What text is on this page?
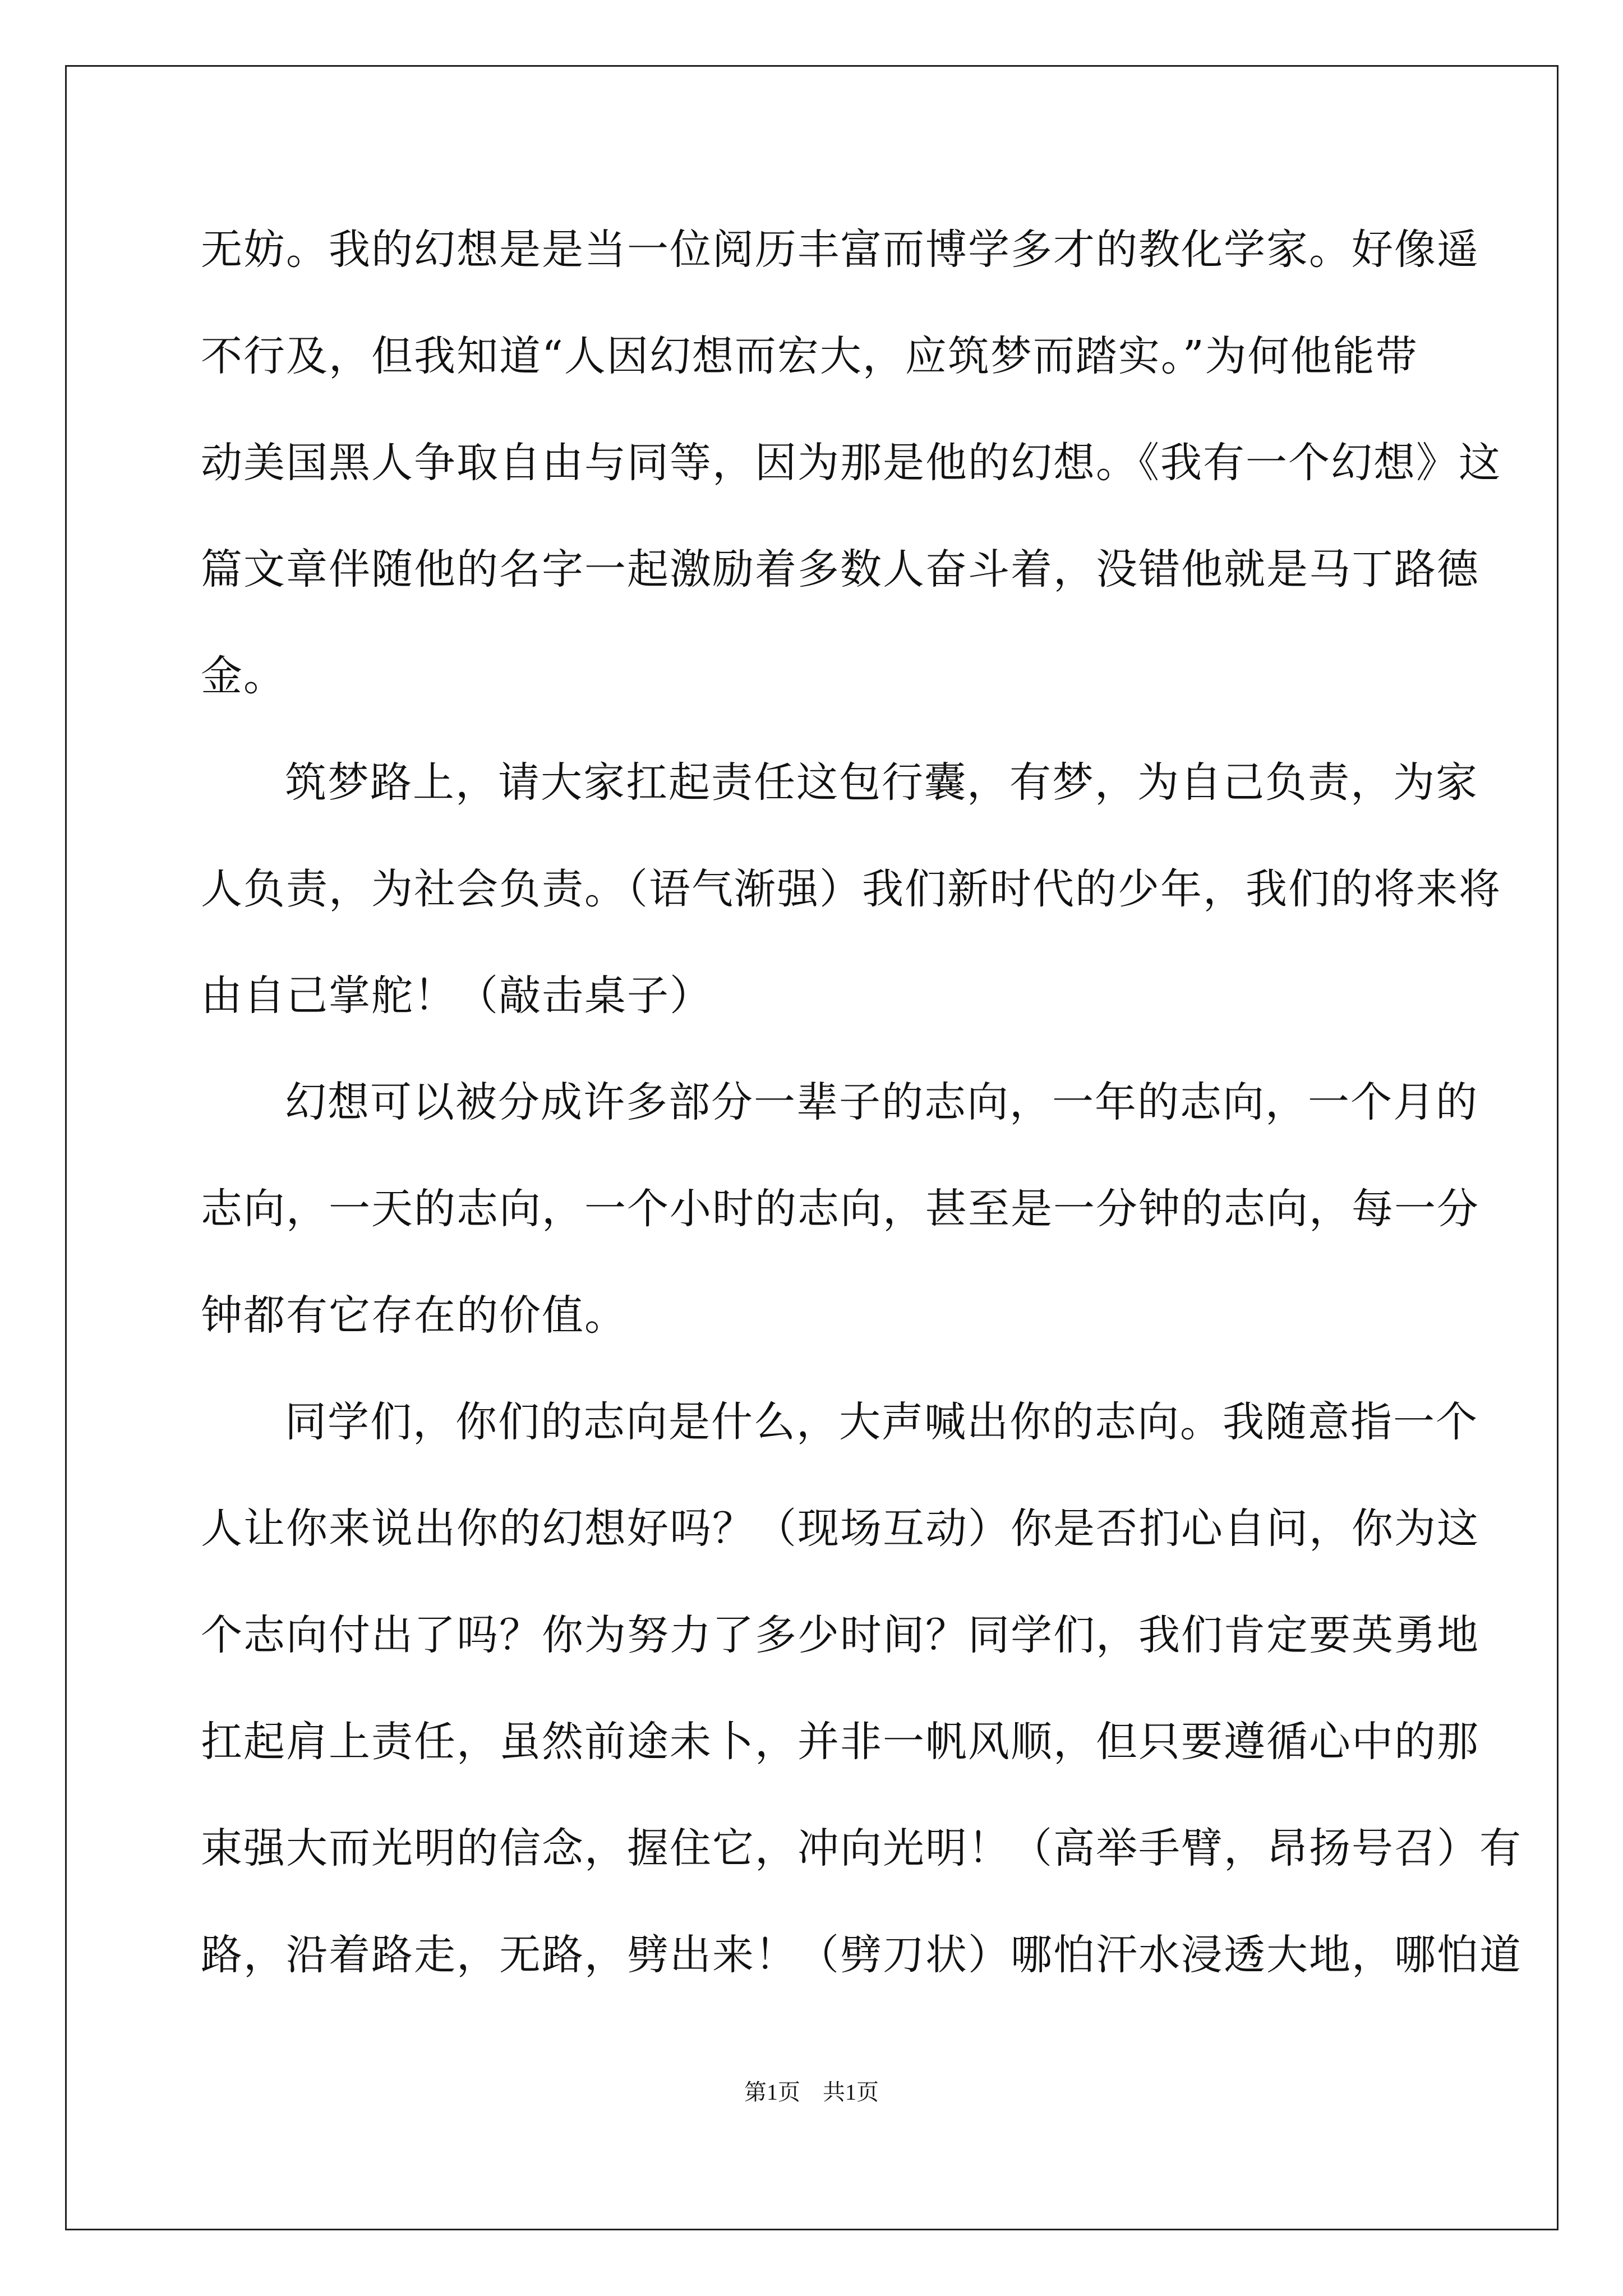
无妨。我的幻想是是当一位阅历丰富而博学多才的教化学家。好像遥
不行及，但我知道“人因幻想而宏大，应筑梦而踏实。”为何他能带
动美国黑人争取自由与同等，因为那是他的幻想。《我有一个幻想》这
篇文章伴随他的名字一起激励着多数人奋斗着，没错他就是马丁路德
金。
筑梦路上，请大家扛起责任这包行囊，有梦，为自己负责，为家
人负责，为社会负责。（语气渐强）我们新时代的少年，我们的将来将
由自己掌舵！（敲击桌子）
幻想可以被分成许多部分一辈子的志向，一年的志向，一个月的
志向，一天的志向，一个小时的志向，甚至是一分钟的志向，每一分
钟都有它存在的价值。
同学们，你们的志向是什么，大声喊出你的志向。我随意指一个
人让你来说出你的幻想好吗？（现场互动）你是否扪心自问，你为这
个志向付出了吗？你为努力了多少时间？同学们，我们肯定要英勇地
扛起肩上责任，虽然前途未卜，并非一帆风顺，但只要遵循心中的那
束强大而光明的信念，握住它，冲向光明！（高举手臂，昂扬号召）有
路，沿着路走，无路，劈出来！（劈刀状）哪怕汗水浸透大地，哪怕道
第1页　共1页
